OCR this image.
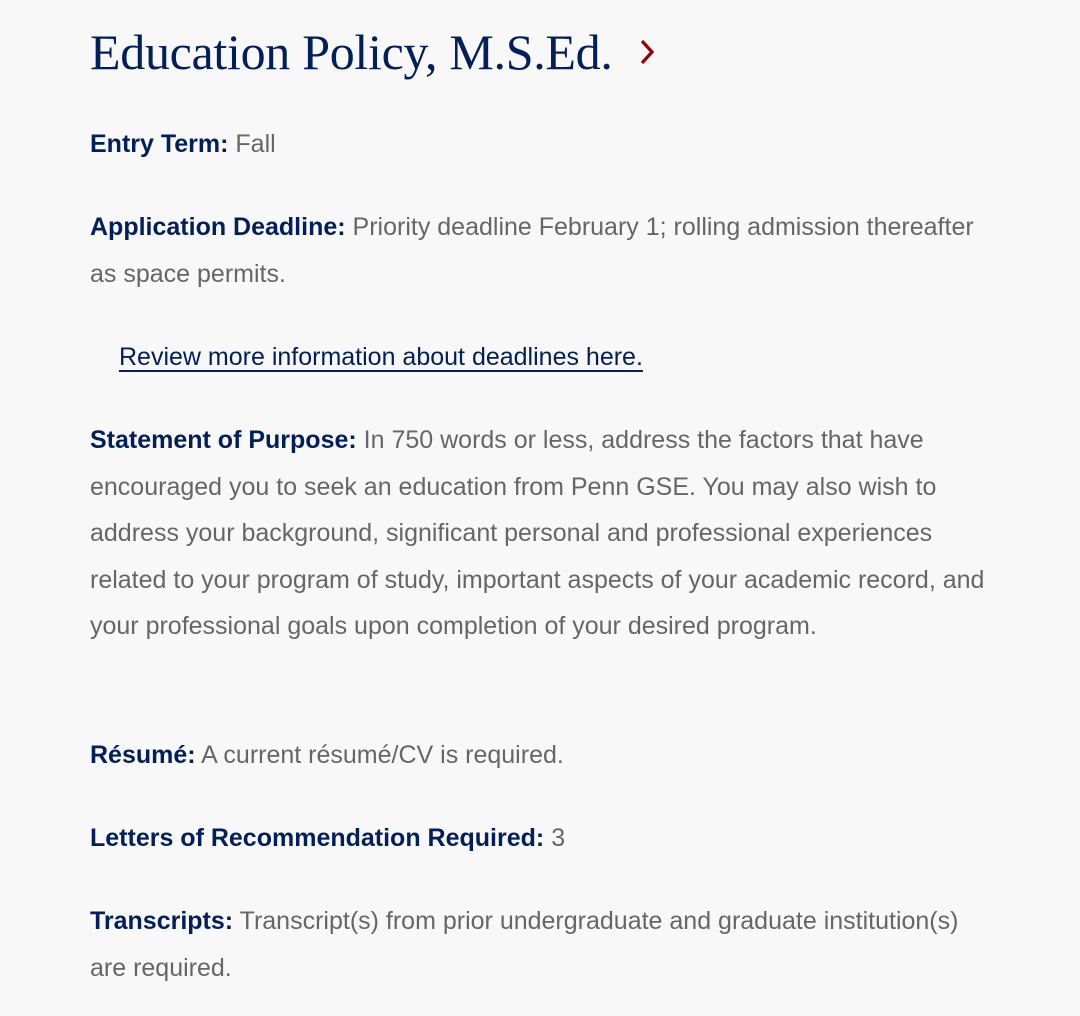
Education Policy, M.S.Ed.

Entry Term: Fall

Application Deadline: Priority deadline February 1; rolling admission thereafter as space permits.

Review more information about deadlines here.

Statement of Purpose: In 750 words or less, address the factors that have encouraged you to seek an education from Penn GSE. You may also wish to address your background, significant personal and professional experiences related to your program of study, important aspects of your academic record, and your professional goals upon completion of your desired program.

Résumé: A current résumé/CV is required.

Letters of Recommendation Required: 3

Transcripts: Transcript(s) from prior undergraduate and graduate institution(s) are required.
